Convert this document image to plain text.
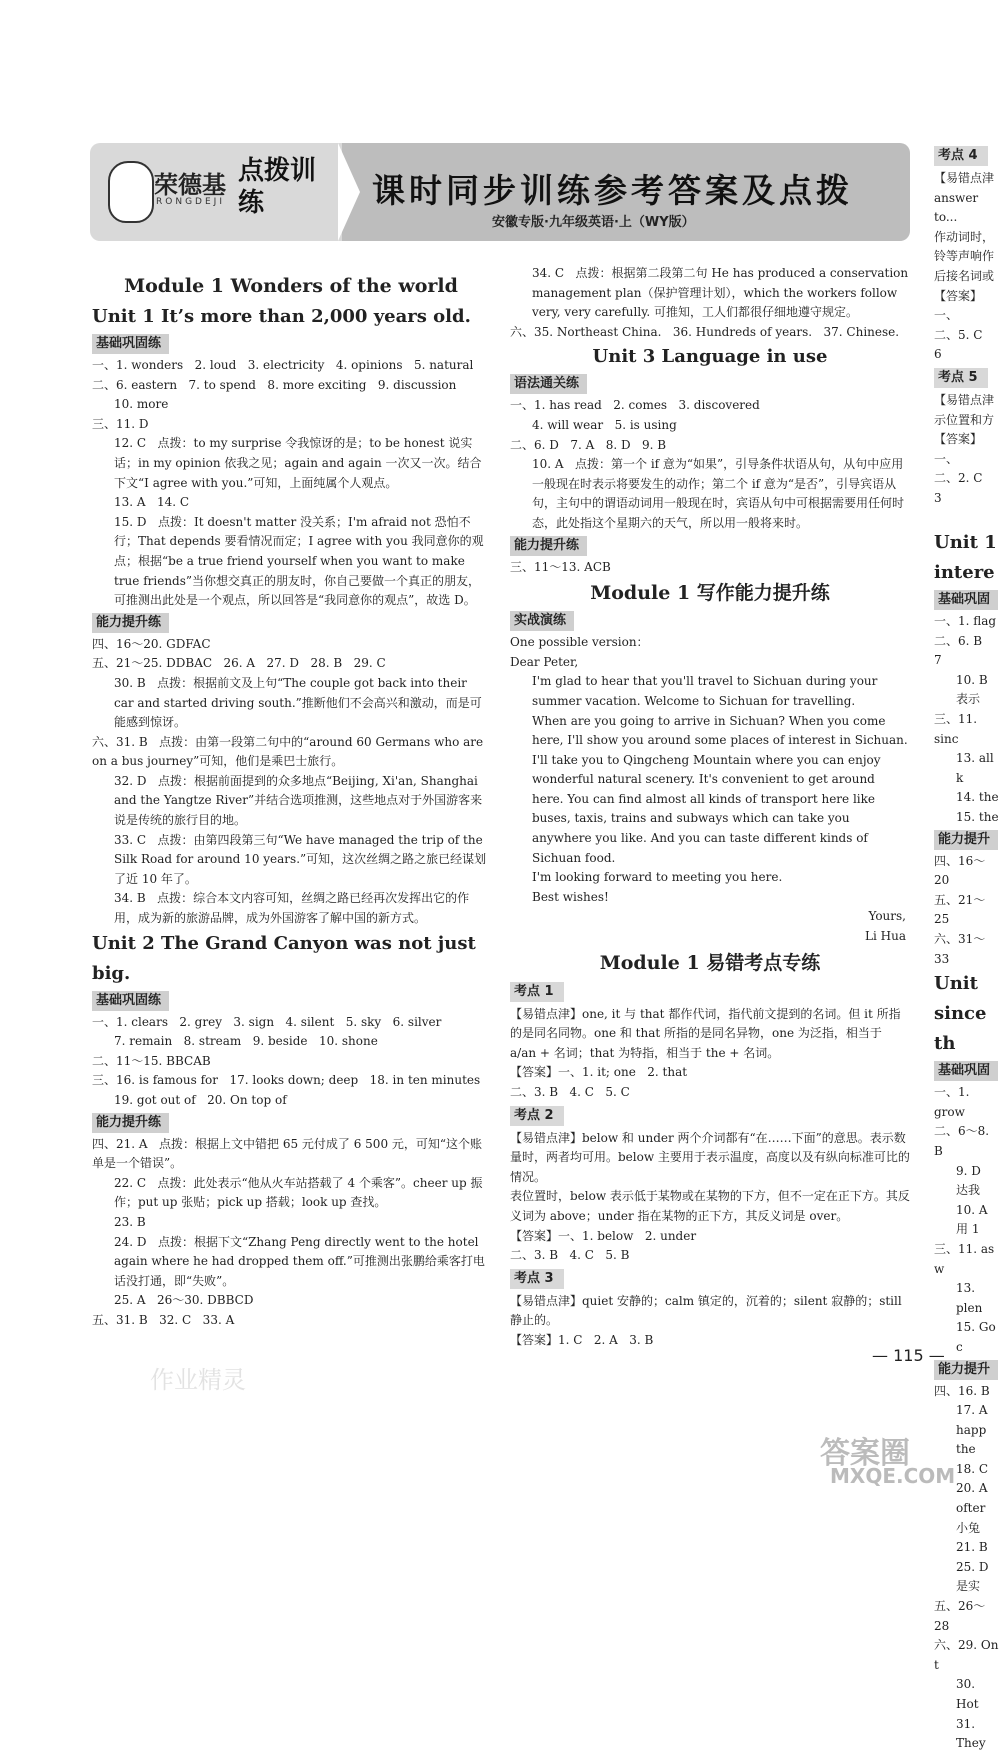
荣德基
RONGDEJI
点拨训练	课时同步训练参考答案及点拨
安徽专版·九年级英语·上（WY版）
Module 1 Wonders of the world
Unit 1 It’s more than 2,000 years old.
基础巩固练
一、1. wonders   2. loud   3. electricity   4. opinions   5. natural
二、6. eastern   7. to spend   8. more exciting   9. discussion
10. more
三、11. D
12. C   点拨：to my surprise 令我惊讶的是；to be honest 说实话；in my opinion 依我之见；again and again 一次又一次。结合下文“I agree with you.”可知，上面纯属个人观点。
13. A   14. C
15. D   点拨：It doesn't matter 没关系；I'm afraid not 恐怕不行；That depends 要看情况而定；I agree with you 我同意你的观点；根据“be a true friend yourself when you want to make true friends”当你想交真正的朋友时，你自己要做一个真正的朋友，可推测出此处是一个观点，所以回答是“我同意你的观点”，故选 D。
能力提升练
四、16～20. GDFAC
五、21～25. DDBAC   26. A   27. D   28. B   29. C
30. B   点拨：根据前文及上句“The couple got back into their car and started driving south.”推断他们不会高兴和激动，而是可能感到惊讶。
六、31. B   点拨：由第一段第二句中的“around 60 Germans who are on a bus journey”可知，他们是乘巴士旅行。
32. D   点拨：根据前面提到的众多地点“Beijing, Xi'an, Shanghai and the Yangtze River”并结合选项推测，这些地点对于外国游客来说是传统的旅行目的地。
33. C   点拨：由第四段第三句“We have managed the trip of the Silk Road for around 10 years.”可知，这次丝绸之路之旅已经谋划了近 10 年了。
34. B   点拨：综合本文内容可知，丝绸之路已经再次发挥出它的作用，成为新的旅游品牌，成为外国游客了解中国的新方式。
Unit 2 The Grand Canyon was not just big.
基础巩固练
一、1. clears   2. grey   3. sign   4. silent   5. sky   6. silver
7. remain   8. stream   9. beside   10. shone
二、11～15. BBCAB
三、16. is famous for   17. looks down; deep   18. in ten minutes
19. got out of   20. On top of
能力提升练
四、21. A   点拨：根据上文中错把 65 元付成了 6 500 元，可知“这个账单是一个错误”。
22. C   点拨：此处表示“他从火车站搭载了 4 个乘客”。cheer up 振作；put up 张贴；pick up 搭载；look up 查找。
23. B
24. D   点拨：根据下文“Zhang Peng directly went to the hotel again where he had dropped them off.”可推测出张鹏给乘客打电话没打通，即“失败”。
25. A   26～30. DBBCD
五、31. B   32. C   33. A
34. C   点拨：根据第二段第二句 He has produced a conservation management plan（保护管理计划），which the workers follow very, very carefully. 可推知，工人们都很仔细地遵守规定。
六、35. Northeast China.   36. Hundreds of years.   37. Chinese.
Unit 3 Language in use
语法通关练
一、1. has read   2. comes   3. discovered
4. will wear   5. is using
二、6. D   7. A   8. D   9. B
10. A   点拨：第一个 if 意为“如果”，引导条件状语从句，从句中应用一般现在时表示将要发生的动作；第二个 if 意为“是否”，引导宾语从句，主句中的谓语动词用一般现在时，宾语从句中可根据需要用任何时态，此处指这个星期六的天气，所以用一般将来时。
能力提升练
三、11～13. ACB
Module 1 写作能力提升练
实战演练
One possible version：
Dear Peter,
I'm glad to hear that you'll travel to Sichuan during your summer vacation. Welcome to Sichuan for travelling.
When are you going to arrive in Sichuan? When you come here, I'll show you around some places of interest in Sichuan. I'll take you to Qingcheng Mountain where you can enjoy wonderful natural scenery. It's convenient to get around here. You can find almost all kinds of transport here like buses, taxis, trains and subways which can take you anywhere you like. And you can taste different kinds of Sichuan food.
I'm looking forward to meeting you here.
Best wishes!
Yours,
Li Hua
Module 1 易错考点专练
考点 1
【易错点津】one, it 与 that 都作代词，指代前文提到的名词。但 it 所指的是同名同物。one 和 that 所指的是同名异物，one 为泛指，相当于 a/an + 名词；that 为特指，相当于 the + 名词。
【答案】一、1. it; one   2. that
二、3. B   4. C   5. C
考点 2
【易错点津】below 和 under 两个介词都有“在……下面”的意思。表示数量时，两者均可用。below 主要用于表示温度，高度以及有纵向标准可比的情况。
表位置时，below 表示低于某物或在某物的下方，但不一定在正下方。其反义词为 above；under 指在某物的正下方，其反义词是 over。
【答案】一、1. below   2. under
二、3. B   4. C   5. B
考点 3
【易错点津】quiet 安静的；calm 镇定的，沉着的；silent 寂静的；still 静止的。
【答案】1. C   2. A   3. B
考点 4
【易错点津
answer to...
作动词时，
铃等声响作
后接名词或
【答案】一、
二、5. C   6
考点 5
【易错点津
示位置和方
【答案】一、
二、2. C   3

Unit 1
intere
基础巩固
一、1. flag
二、6. B   7
10. B
表示
三、11. sinc
13. all k
14. the
15. the
能力提升
四、16～20
五、21～25
六、31～33
Unit
since th
基础巩固
一、1. grow
二、6～8. B
9. D
达我
10. A
用 1
三、11. as w
13. plen
15. Go c
能力提升
四、16. B
17. A
happ
the
18. C
20. A
ofter
小兔
21. B
25. D
是实
五、26～28
六、29. On t
30. Hot
31. They
— 115 —
作业精灵
答案圈
MXQE.COM
